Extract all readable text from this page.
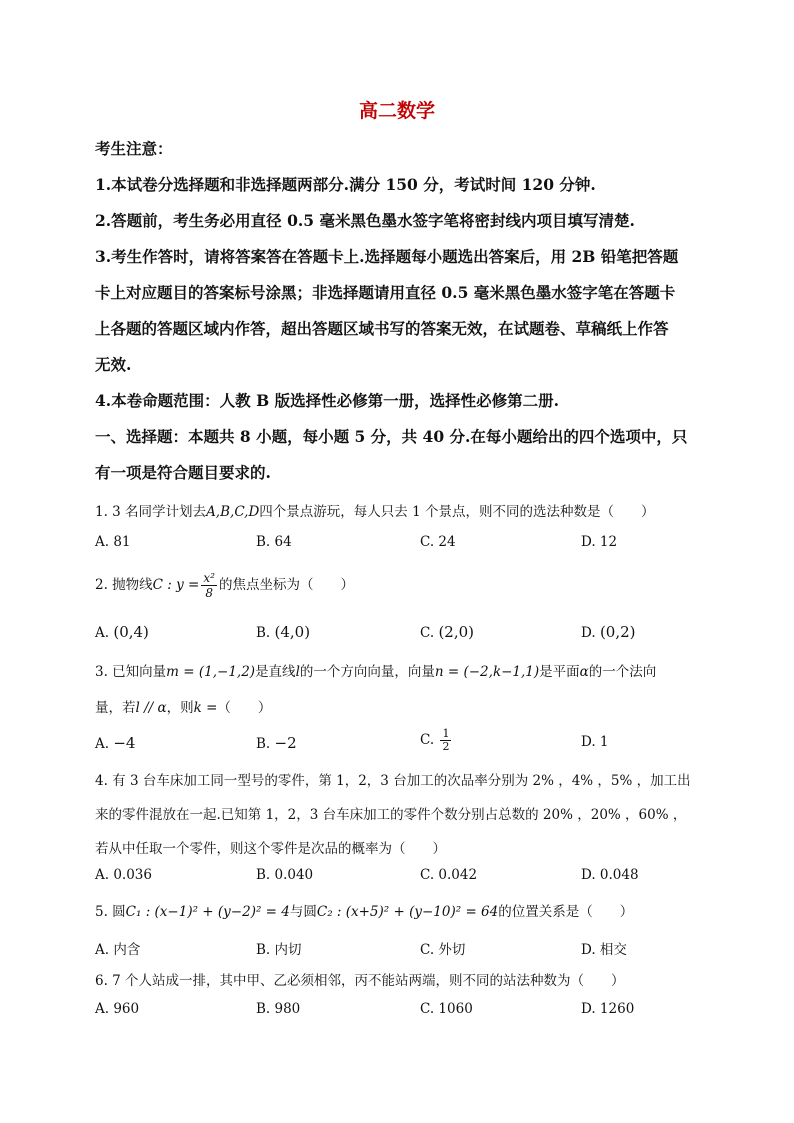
高二数学

考生注意：

1.本试卷分选择题和非选择题两部分.满分 150 分，考试时间 120 分钟.

2.答题前，考生务必用直径 0.5 毫米黑色墨水签字笔将密封线内项目填写清楚.

3.考生作答时，请将答案答在答题卡上.选择题每小题选出答案后，用 2B 铅笔把答题

卡上对应题目的答案标号涂黑；非选择题请用直径 0.5 毫米黑色墨水签字笔在答题卡

上各题的答题区域内作答，超出答题区域书写的答案无效，在试题卷、草稿纸上作答

无效.

4.本卷命题范围：人教 B 版选择性必修第一册，选择性必修第二册.

一、选择题：本题共 8 小题，每小题 5 分，共 40 分.在每小题给出的四个选项中，只

有一项是符合题目要求的.

1. 3 名同学计划去A,B,C,D四个景点游玩，每人只去 1 个景点，则不同的选法种数是（　　）
A. 81	B. 64	C. 24	D. 12
2. 抛物线C : $y = \frac{\text{x²}}{8}$ 的焦点坐标为（　　）
A. (0,4)	B. (4,0)	C. (2,0)	D. (0,2)
3. 已知向量m = (1,−1,2)是直线l的一个方向向量，向量n = (−2,k−1,1)是平面α的一个法向
量，若l // α，则k =（　　）
A. −4	B. −2	C. $\frac{1}{2}$	D. 1
4. 有 3 台车床加工同一型号的零件，第 1，2，3 台加工的次品率分别为 2% ，4% ，5% ，加工出
来的零件混放在一起.已知第 1，2，3 台车床加工的零件个数分别占总数的 20% ，20% ，60% ，
若从中任取一个零件，则这个零件是次品的概率为（　　）
A. 0.036	B. 0.040	C. 0.042	D. 0.048
5. 圆C₁ : (x−1)² + (y−2)² = 4与圆C₂ : (x+5)² + (y−10)² = 64的位置关系是（　　）
A. 内含	B. 内切	C. 外切	D. 相交
6. 7 个人站成一排，其中甲、乙必须相邻，丙不能站两端，则不同的站法种数为（　　）
A. 960	B. 980	C. 1060	D. 1260
